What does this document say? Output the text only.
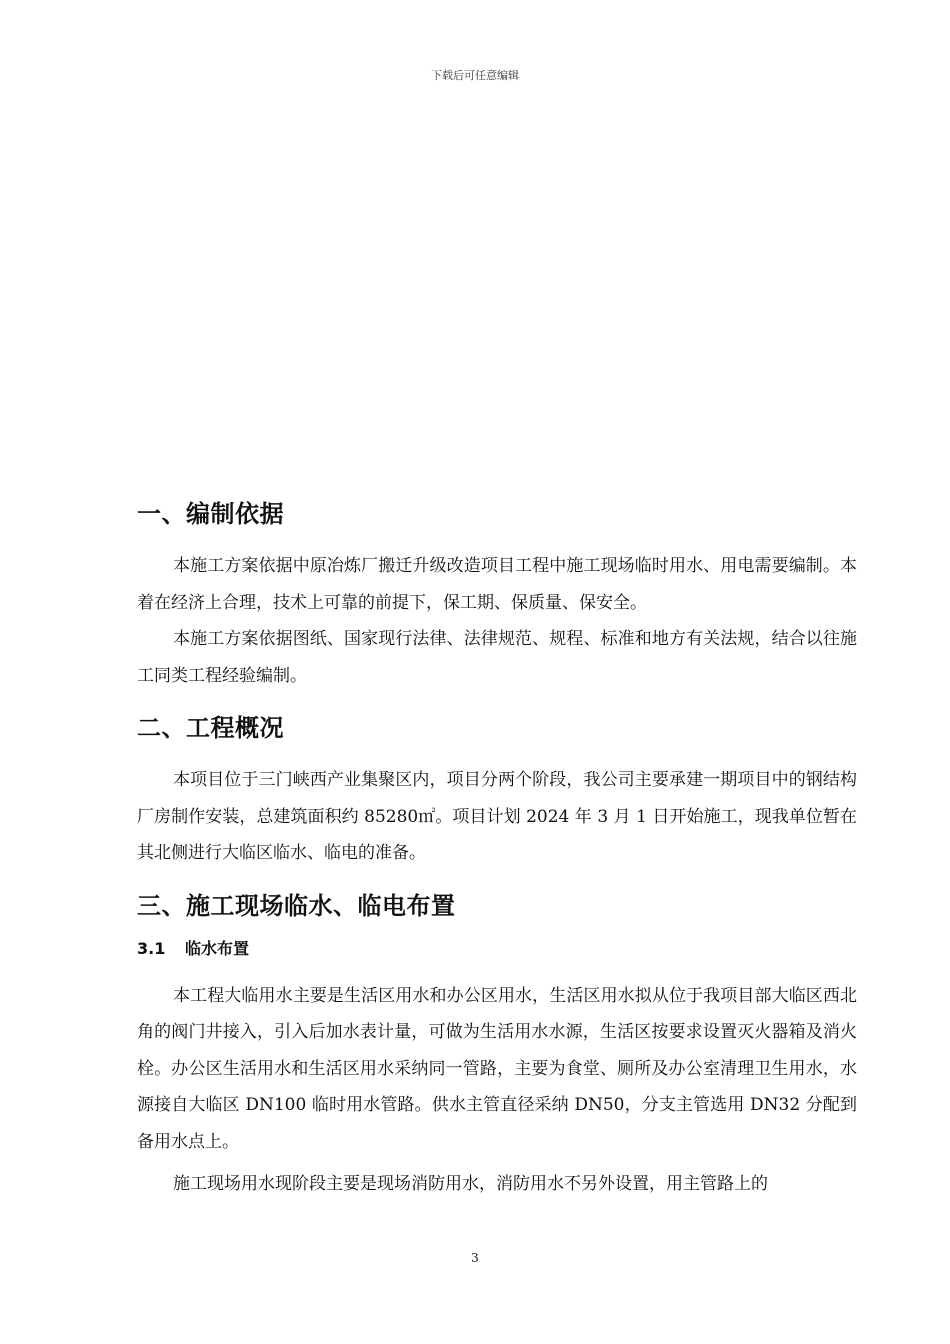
下载后可任意编辑
一、编制依据

本施工方案依据中原冶炼厂搬迁升级改造项目工程中施工现场临时用水、用电需要编制。本着在经济上合理，技术上可靠的前提下，保工期、保质量、保安全。

本施工方案依据图纸、国家现行法律、法律规范、规程、标准和地方有关法规，结合以往施工同类工程经验编制。

二、工程概况

本项目位于三门峡西产业集聚区内，项目分两个阶段，我公司主要承建一期项目中的钢结构厂房制作安装，总建筑面积约 85280㎡。项目计划 2024 年 3 月 1 日开始施工，现我单位暂在其北侧进行大临区临水、临电的准备。

三、施工现场临水、临电布置
3.1 临水布置

本工程大临用水主要是生活区用水和办公区用水，生活区用水拟从位于我项目部大临区西北角的阀门井接入，引入后加水表计量，可做为生活用水水源，生活区按要求设置灭火器箱及消火栓。办公区生活用水和生活区用水采纳同一管路，主要为食堂、厕所及办公室清理卫生用水，水源接自大临区 DN100 临时用水管路。供水主管直径采纳 DN50，分支主管选用 DN32 分配到备用水点上。

施工现场用水现阶段主要是现场消防用水，消防用水不另外设置，用主管路上的

3
